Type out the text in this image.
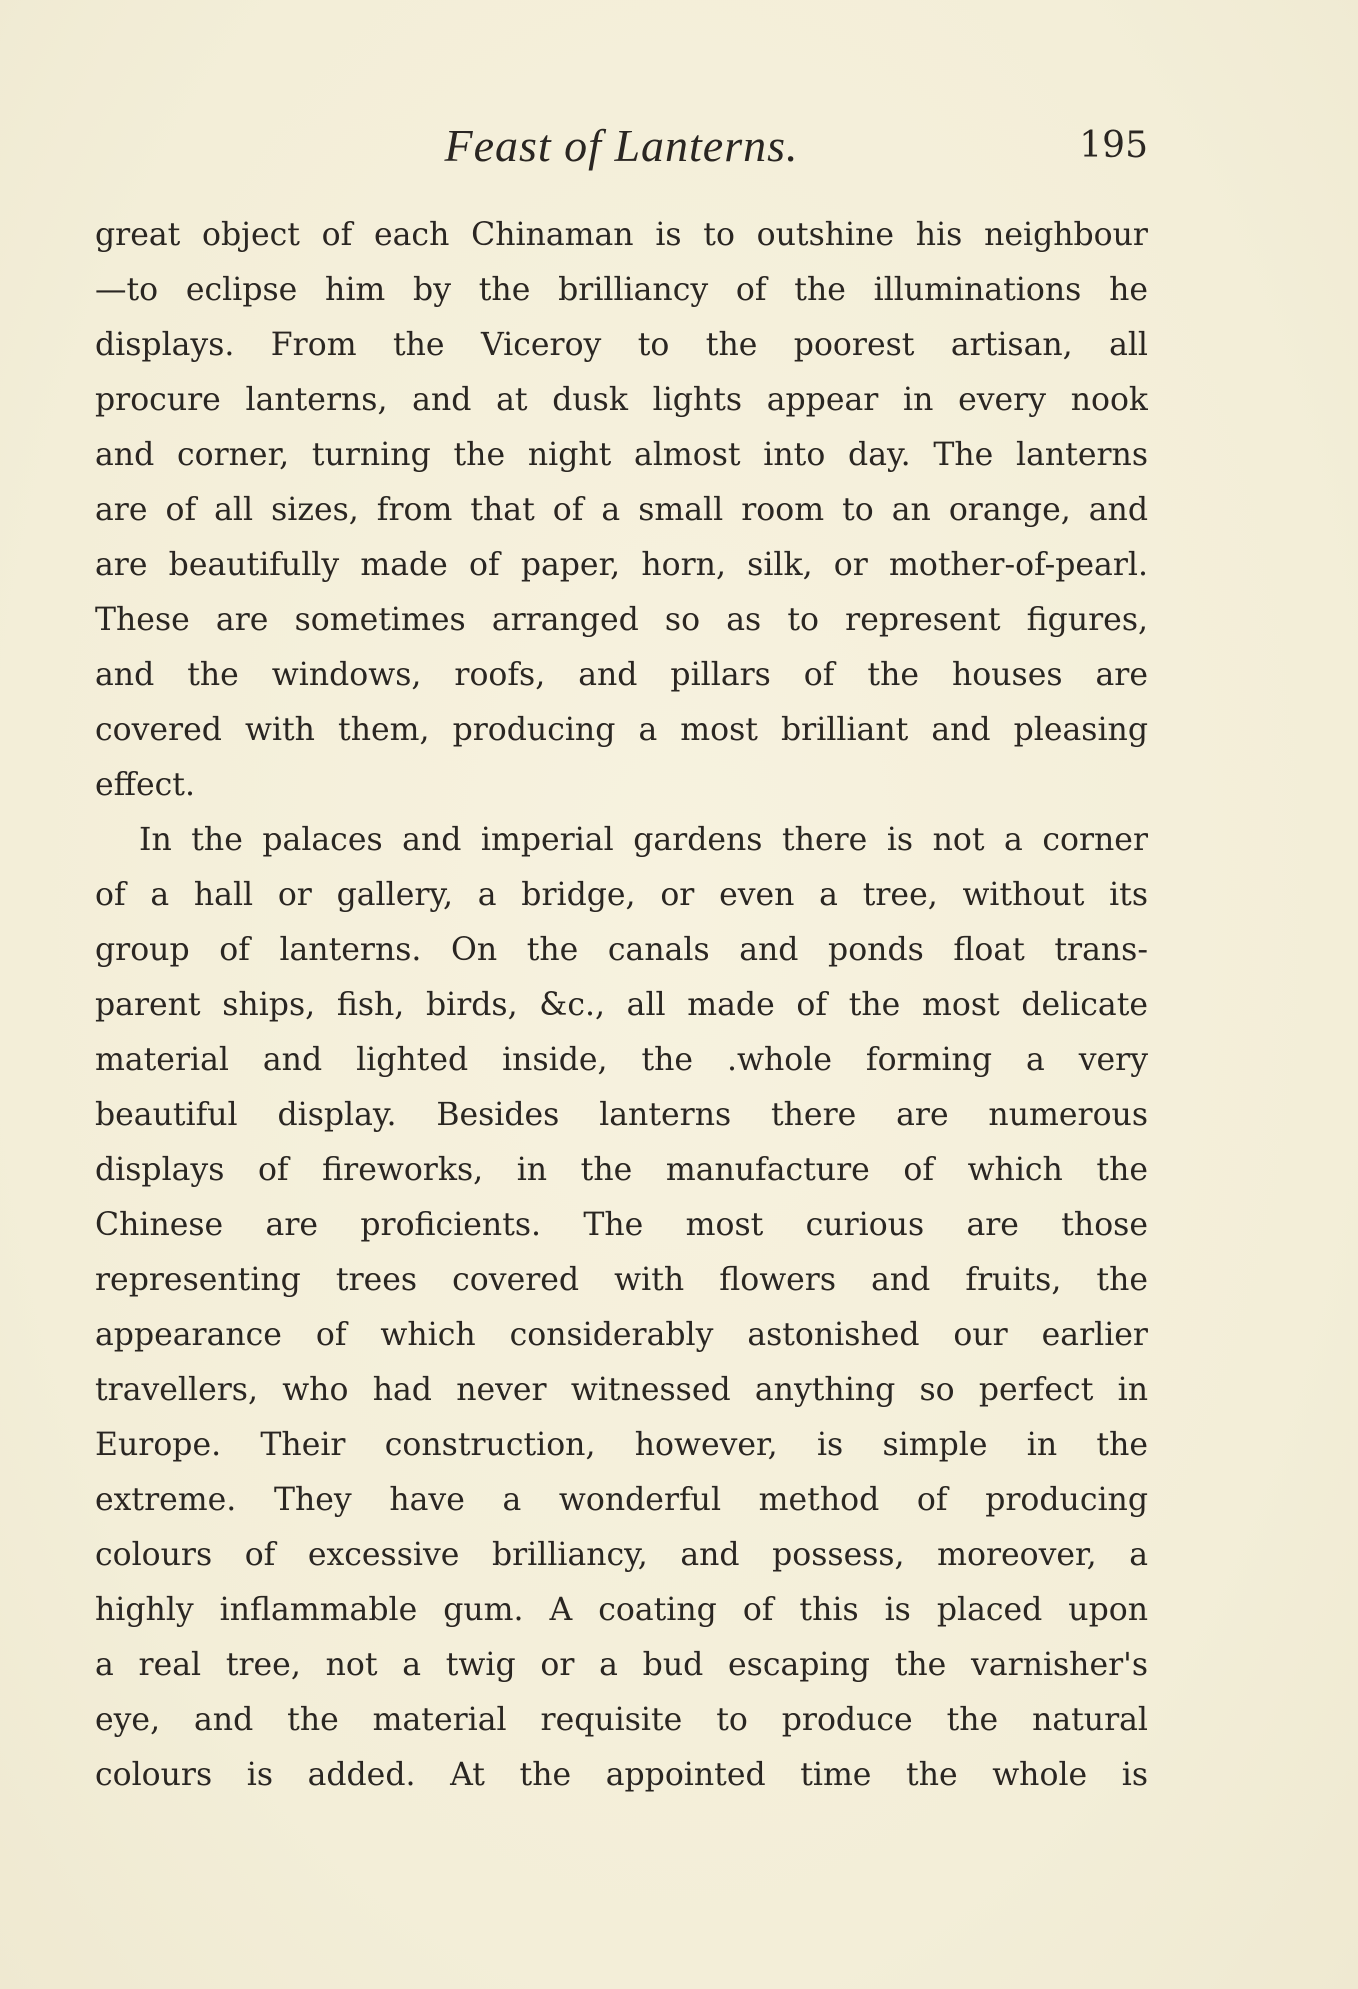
Feast of Lanterns.	195
great object of each Chinaman is to outshine his neighbour
—to eclipse him by the brilliancy of the illuminations he
displays. From the Viceroy to the poorest artisan, all
procure lanterns, and at dusk lights appear in every nook
and corner, turning the night almost into day. The lanterns
are of all sizes, from that of a small room to an orange, and
are beautifully made of paper, horn, silk, or mother-of-pearl.
These are sometimes arranged so as to represent figures,
and the windows, roofs, and pillars of the houses are
covered with them, producing a most brilliant and pleasing
effect.
In the palaces and imperial gardens there is not a corner
of a hall or gallery, a bridge, or even a tree, without its
group of lanterns. On the canals and ponds float trans-
parent ships, fish, birds, &c., all made of the most delicate
material and lighted inside, the .whole forming a very
beautiful display. Besides lanterns there are numerous
displays of fireworks, in the manufacture of which the
Chinese are proficients. The most curious are those
representing trees covered with flowers and fruits, the
appearance of which considerably astonished our earlier
travellers, who had never witnessed anything so perfect in
Europe. Their construction, however, is simple in the
extreme. They have a wonderful method of producing
colours of excessive brilliancy, and possess, moreover, a
highly inflammable gum. A coating of this is placed upon
a real tree, not a twig or a bud escaping the varnisher's
eye, and the material requisite to produce the natural
colours is added. At the appointed time the whole is
